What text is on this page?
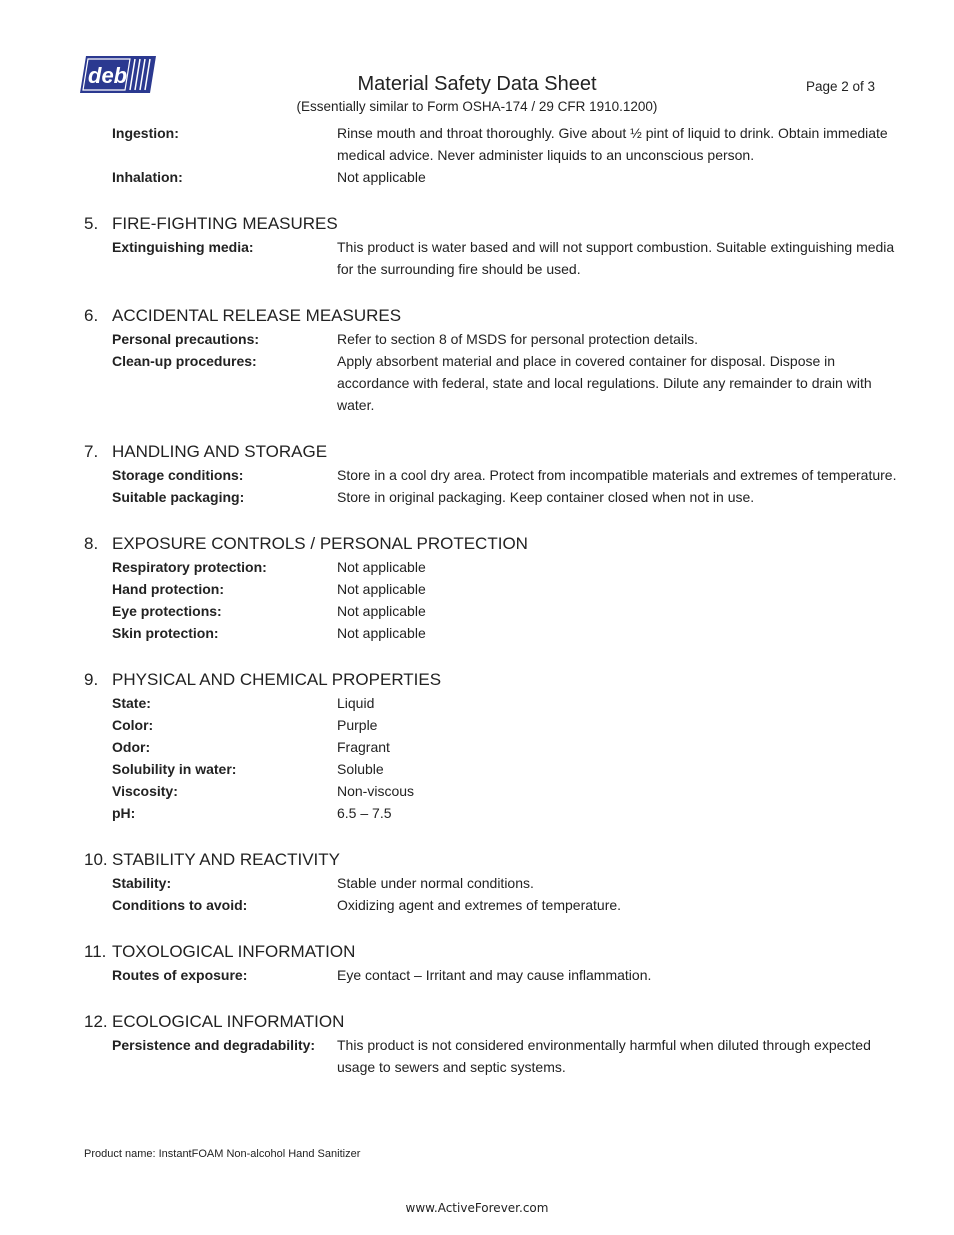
deb	Material Safety Data Sheet	Page 2 of 3
(Essentially similar to Form OSHA-174 / 29 CFR 1910.1200)
Ingestion:	Rinse mouth and throat thoroughly. Give about ½ pint of liquid to drink. Obtain immediate medical advice. Never administer liquids to an unconscious person.
Inhalation:	Not applicable
5. FIRE-FIGHTING MEASURES
Extinguishing media:	This product is water based and will not support combustion. Suitable extinguishing media for the surrounding fire should be used.
6. ACCIDENTAL RELEASE MEASURES
Personal precautions:	Refer to section 8 of MSDS for personal protection details.
Clean-up procedures:	Apply absorbent material and place in covered container for disposal. Dispose in accordance with federal, state and local regulations. Dilute any remainder to drain with water.
7. HANDLING AND STORAGE
Storage conditions:	Store in a cool dry area. Protect from incompatible materials and extremes of temperature.
Suitable packaging:	Store in original packaging. Keep container closed when not in use.
8. EXPOSURE CONTROLS / PERSONAL PROTECTION
Respiratory protection:	Not applicable
Hand protection:	Not applicable
Eye protections:	Not applicable
Skin protection:	Not applicable
9. PHYSICAL AND CHEMICAL PROPERTIES
State:	Liquid
Color:	Purple
Odor:	Fragrant
Solubility in water:	Soluble
Viscosity:	Non-viscous
pH:	6.5 – 7.5
10. STABILITY AND REACTIVITY
Stability:	Stable under normal conditions.
Conditions to avoid:	Oxidizing agent and extremes of temperature.
11. TOXOLOGICAL INFORMATION
Routes of exposure:	Eye contact – Irritant and may cause inflammation.
12. ECOLOGICAL INFORMATION
Persistence and degradability:	This product is not considered environmentally harmful when diluted through expected usage to sewers and septic systems.
Product name: InstantFOAM Non-alcohol Hand Sanitizer
www.ActiveForever.com
